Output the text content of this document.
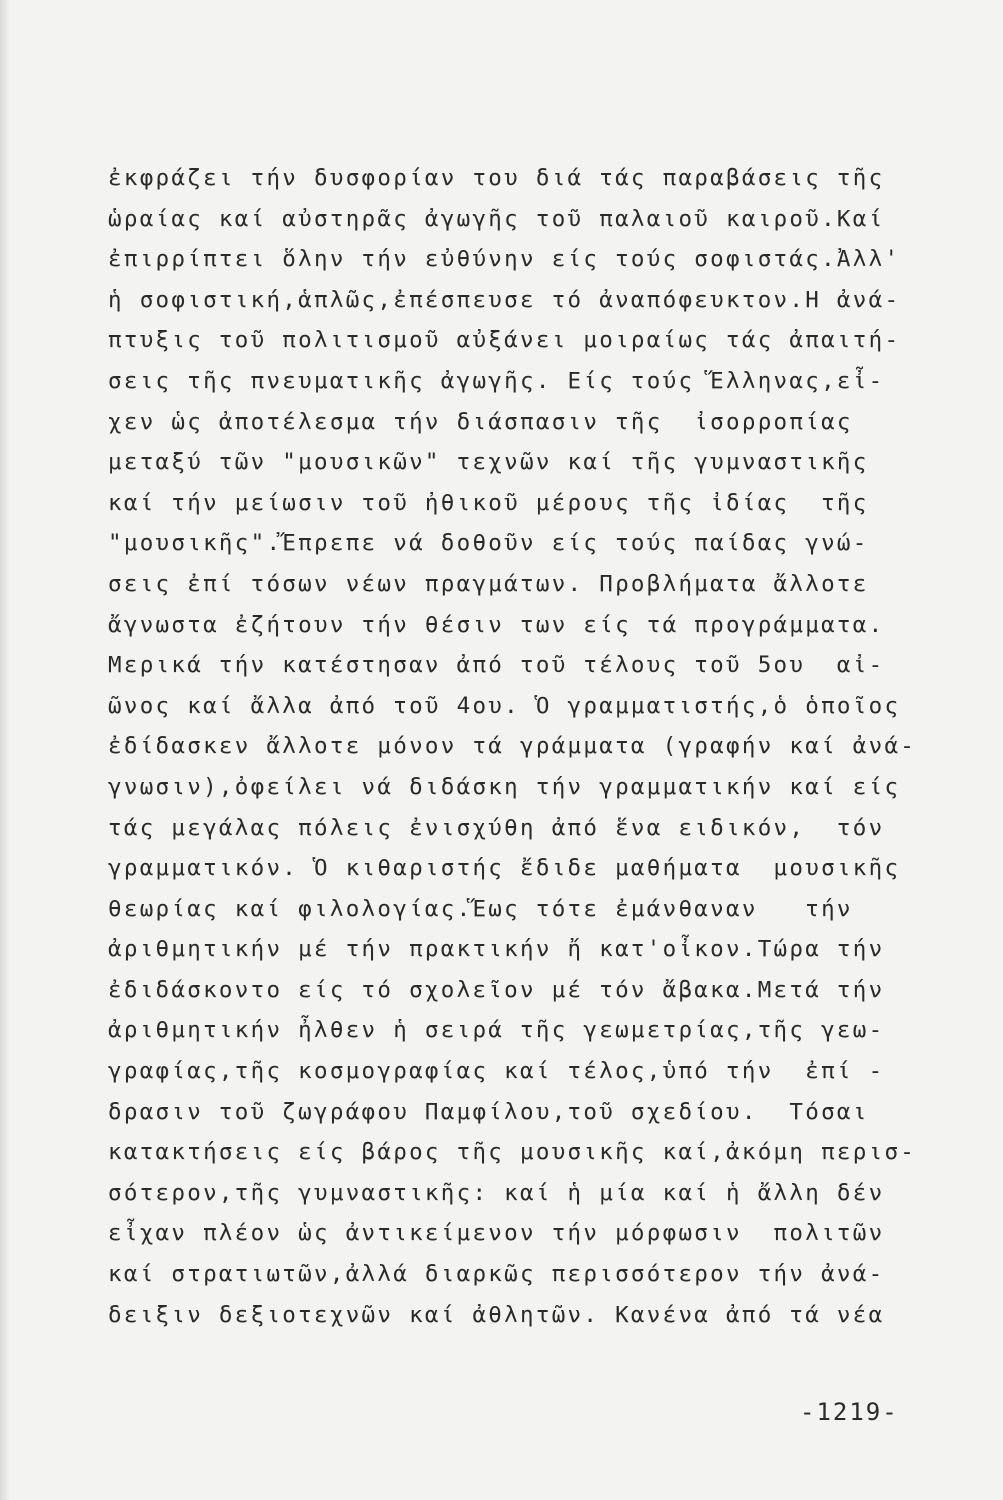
ἐκφράζει τήν δυσφορίαν του διά τάς παραβάσεις τῆς
ὡραίας καί αὐστηρᾶς ἀγωγῆς τοῦ παλαιοῦ καιροῦ.Καί
ἐπιρρίπτει ὅλην τήν εὐθύνην είς τούς σοφιστάς.Ἀλλ'
ἡ σοφιστική,ἁπλῶς,ἐπέσπευσε τό ἀναπόφευκτον.Η ἀνά-
πτυξις τοῦ πολιτισμοῦ αὐξάνει μοιραίως τάς ἀπαιτή-
σεις τῆς πνευματικῆς ἀγωγῆς. Είς τούς Ἕλληνας,εἶ-
χεν ὡς ἀποτέλεσμα τήν διάσπασιν τῆς  ἰσορροπίας
μεταξύ τῶν "μουσικῶν" τεχνῶν καί τῆς γυμναστικῆς
καί τήν μείωσιν τοῦ ἠθικοῦ μέρους τῆς ἰδίας  τῆς
"μουσικῆς".Ἔπρεπε νά δοθοῦν είς τούς παίδας γνώ-
σεις ἐπί τόσων νέων πραγμάτων. Προβλήματα ἄλλοτε
ἄγνωστα ἐζήτουν τήν θέσιν των είς τά προγράμματα.
Μερικά τήν κατέστησαν ἀπό τοῦ τέλους τοῦ 5ου  αἰ-
ῶνος καί ἄλλα ἀπό τοῦ 4ου. Ὁ γραμματιστής,ὁ ὁποῖος
ἐδίδασκεν ἄλλοτε μόνον τά γράμματα (γραφήν καί ἀνά-
γνωσιν),ὀφείλει νά διδάσκη τήν γραμματικήν καί είς
τάς μεγάλας πόλεις ἐνισχύθη ἀπό ἕνα ειδικόν,  τόν
γραμματικόν. Ὁ κιθαριστής ἔδιδε μαθήματα  μουσικῆς
θεωρίας καί φιλολογίας.Ἕως τότε ἐμάνθαναν   τήν
ἀριθμητικήν μέ τήν πρακτικήν ἤ κατ'οἶκον.Τώρα τήν
ἐδιδάσκοντο είς τό σχολεῖον μέ τόν ἄβακα.Μετά τήν
ἀριθμητικήν ἦλθεν ἡ σειρά τῆς γεωμετρίας,τῆς γεω-
γραφίας,τῆς κοσμογραφίας καί τέλος,ὑπό τήν  ἐπί -
δρασιν τοῦ ζωγράφου Παμφίλου,τοῦ σχεδίου.  Τόσαι
κατακτήσεις είς βάρος τῆς μουσικῆς καί,ἀκόμη περισ-
σότερον,τῆς γυμναστικῆς: καί ἡ μία καί ἡ ἄλλη δέν
εἶχαν πλέον ὡς ἀντικείμενον τήν μόρφωσιν  πολιτῶν
καί στρατιωτῶν,ἀλλά διαρκῶς περισσότερον τήν ἀνά-
δειξιν δεξιοτεχνῶν καί ἀθλητῶν. Κανένα ἀπό τά νέα
-1219-
